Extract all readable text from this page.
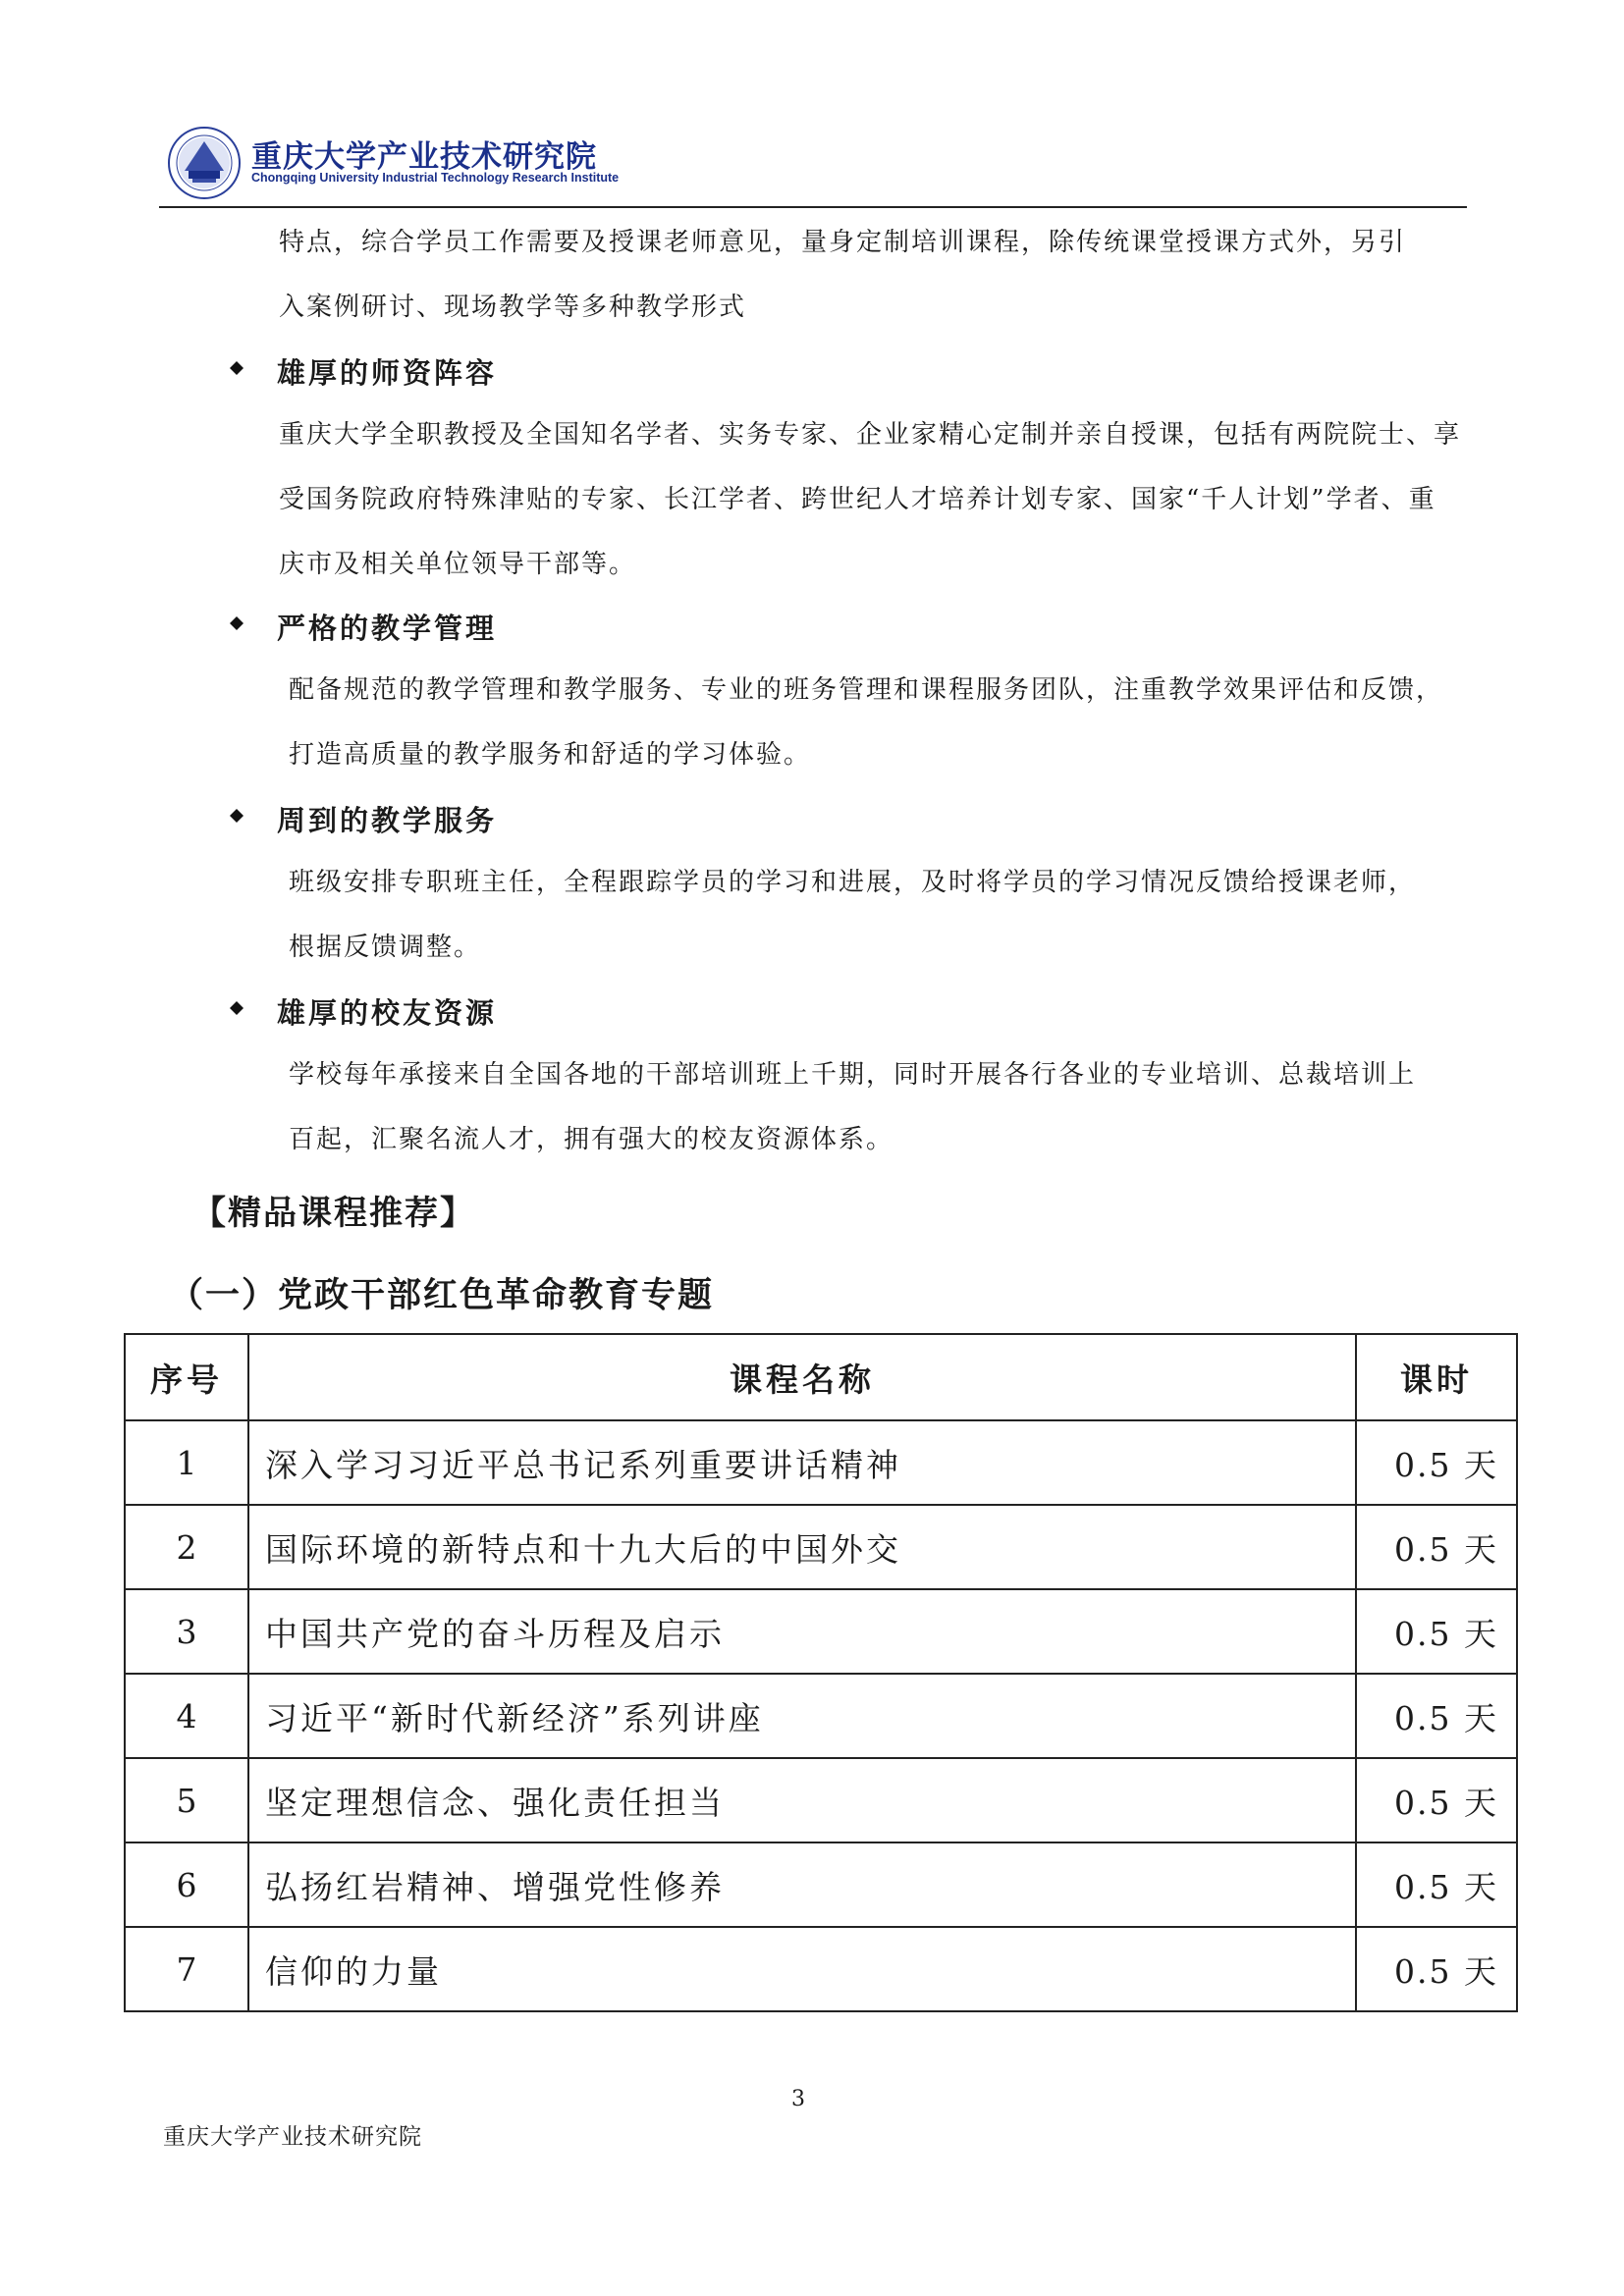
重庆大学产业技术研究院
Chongqing University Industrial Technology Research Institute
特点，综合学员工作需要及授课老师意见，量身定制培训课程，除传统课堂授课方式外，另引
入案例研讨、现场教学等多种教学形式
雄厚的师资阵容
重庆大学全职教授及全国知名学者、实务专家、企业家精心定制并亲自授课，包括有两院院士、享
受国务院政府特殊津贴的专家、长江学者、跨世纪人才培养计划专家、国家“千人计划”学者、重
庆市及相关单位领导干部等。
严格的教学管理
配备规范的教学管理和教学服务、专业的班务管理和课程服务团队，注重教学效果评估和反馈，
打造高质量的教学服务和舒适的学习体验。
周到的教学服务
班级安排专职班主任，全程跟踪学员的学习和进展，及时将学员的学习情况反馈给授课老师，
根据反馈调整。
雄厚的校友资源
学校每年承接来自全国各地的干部培训班上千期，同时开展各行各业的专业培训、总裁培训上
百起，汇聚名流人才，拥有强大的校友资源体系。
【精品课程推荐】
（一）党政干部红色革命教育专题
序号	课程名称	课时
1	深入学习习近平总书记系列重要讲话精神	0.5 天
2	国际环境的新特点和十九大后的中国外交	0.5 天
3	中国共产党的奋斗历程及启示	0.5 天
4	习近平“新时代新经济”系列讲座	0.5 天
5	坚定理想信念、强化责任担当	0.5 天
6	弘扬红岩精神、增强党性修养	0.5 天
7	信仰的力量	0.5 天
3
重庆大学产业技术研究院
